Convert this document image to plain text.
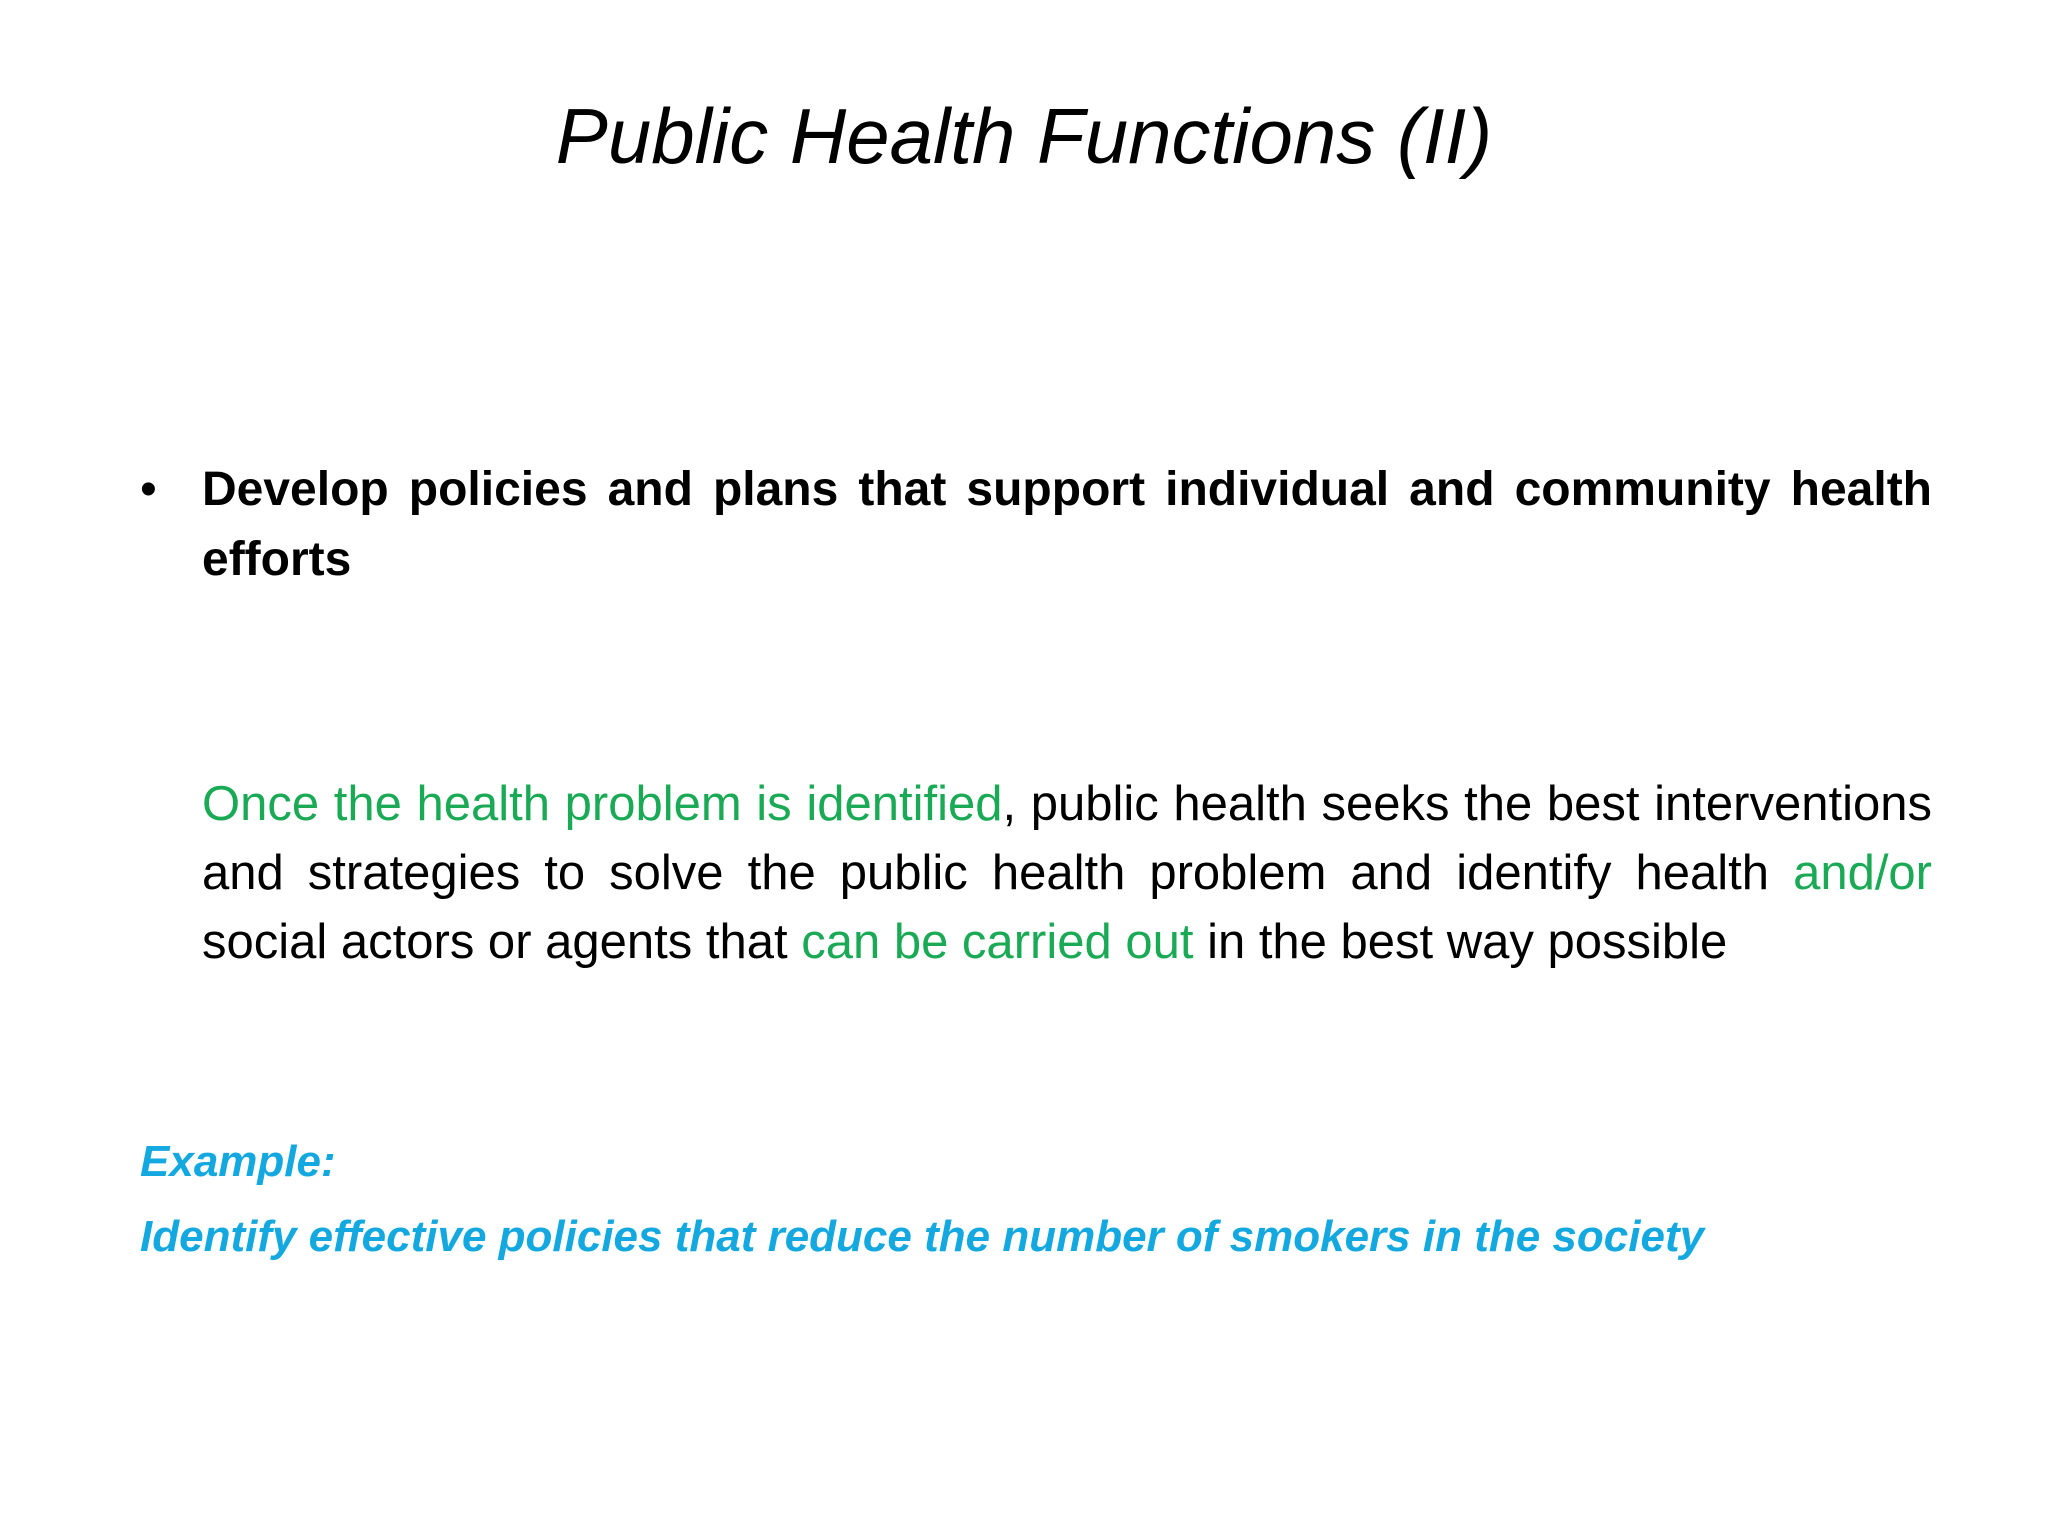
Public Health Functions (II)
• Develop policies and plans that support individual and community health efforts
Once the health problem is identified, public health seeks the best interventions and strategies to solve the public health problem and identify health and/or social actors or agents that can be carried out in the best way possible
Example:
Identify effective policies that reduce the number of smokers in the society
